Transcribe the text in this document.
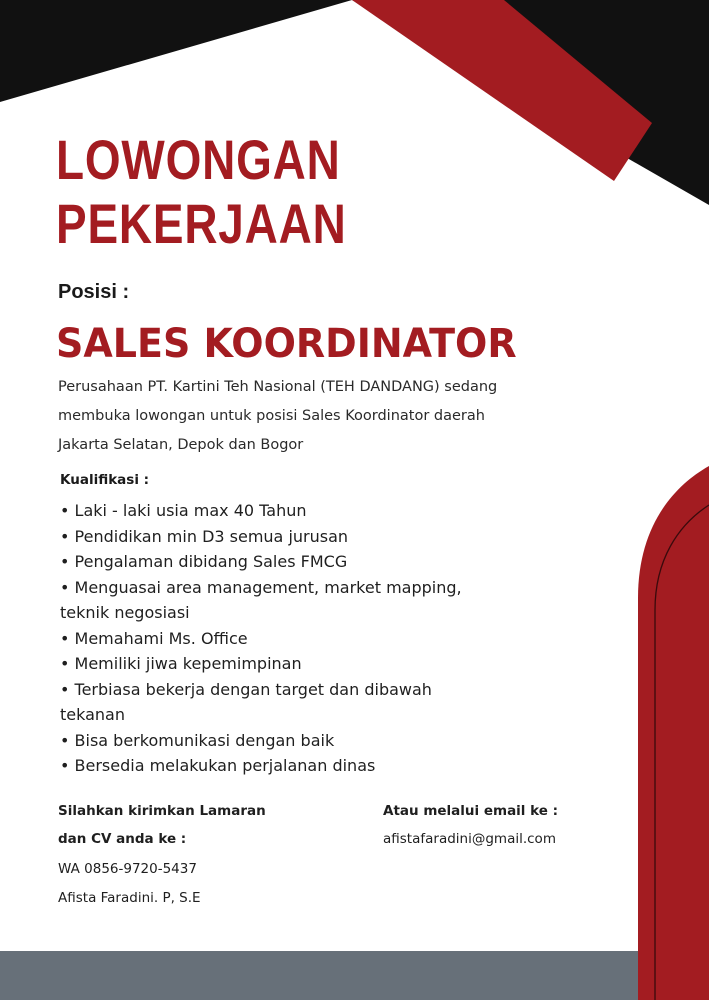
LOWONGAN
PEKERJAAN
Posisi :
SALES KOORDINATOR
Perusahaan PT. Kartini Teh Nasional (TEH DANDANG) sedang
membuka lowongan untuk posisi Sales Koordinator daerah
Jakarta Selatan, Depok dan Bogor
Kualifikasi :
• Laki - laki usia max 40 Tahun
• Pendidikan min D3 semua jurusan
• Pengalaman dibidang Sales FMCG
• Menguasai area management, market mapping,
teknik negosiasi
• Memahami Ms. Office
• Memiliki jiwa kepemimpinan
• Terbiasa bekerja dengan target dan dibawah
tekanan
• Bisa berkomunikasi dengan baik
• Bersedia melakukan perjalanan dinas
Silahkan kirimkan Lamaran
dan CV anda ke :
WA 0856-9720-5437
Afista Faradini. P, S.E
Atau melalui email ke :
afistafaradini@gmail.com
